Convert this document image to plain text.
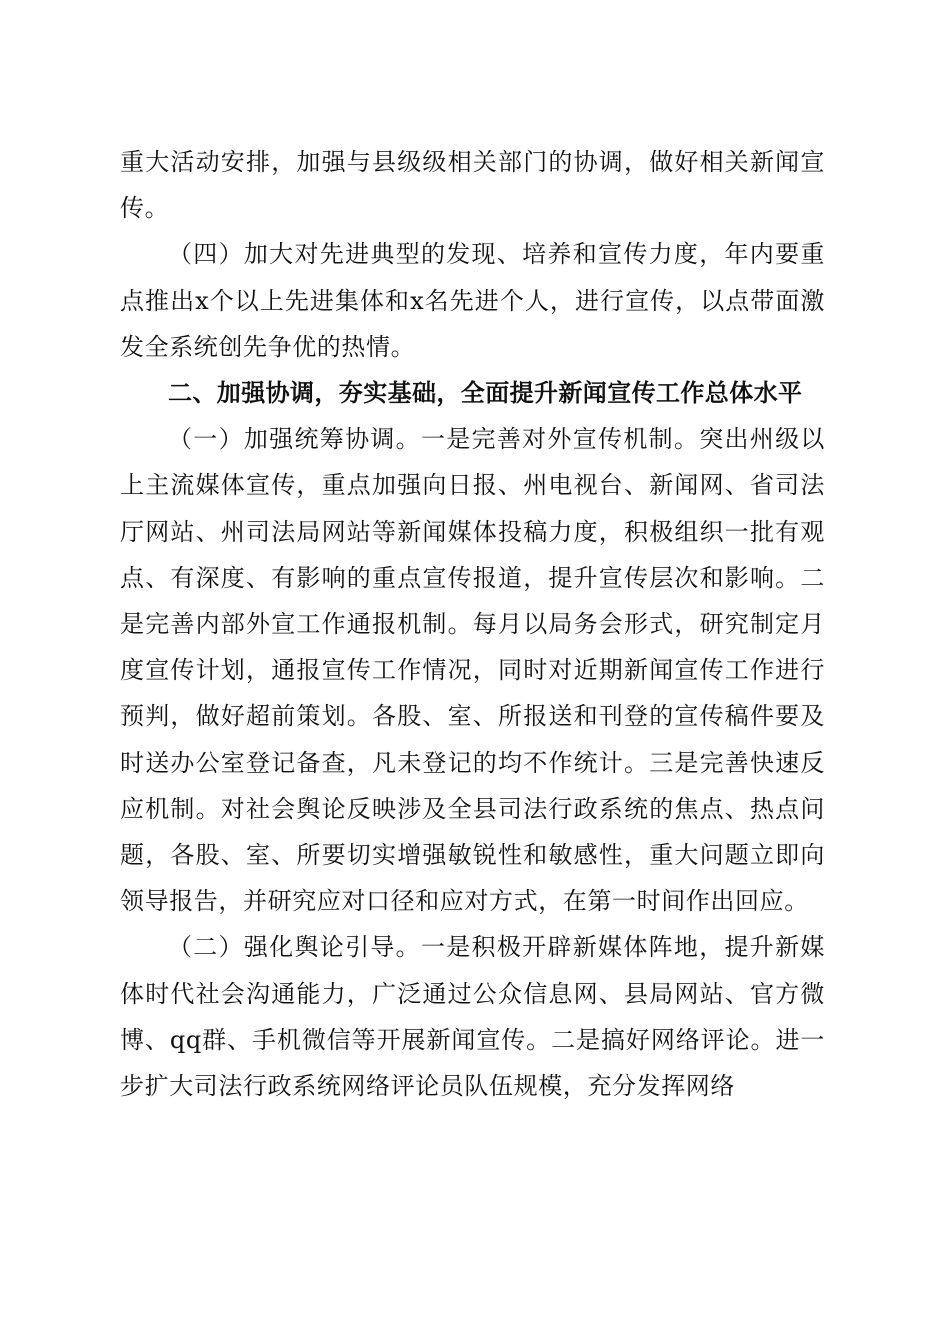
重大活动安排，加强与县级级相关部门的协调，做好相关新闻宣传。

（四）加大对先进典型的发现、培养和宣传力度，年内要重点推出x个以上先进集体和x名先进个人，进行宣传，以点带面激发全系统创先争优的热情。

二、加强协调，夯实基础，全面提升新闻宣传工作总体水平

（一）加强统筹协调。一是完善对外宣传机制。突出州级以上主流媒体宣传，重点加强向日报、州电视台、新闻网、省司法厅网站、州司法局网站等新闻媒体投稿力度，积极组织一批有观点、有深度、有影响的重点宣传报道，提升宣传层次和影响。二是完善内部外宣工作通报机制。每月以局务会形式，研究制定月度宣传计划，通报宣传工作情况，同时对近期新闻宣传工作进行预判，做好超前策划。各股、室、所报送和刊登的宣传稿件要及时送办公室登记备查，凡未登记的均不作统计。三是完善快速反应机制。对社会舆论反映涉及全县司法行政系统的焦点、热点问题，各股、室、所要切实增强敏锐性和敏感性，重大问题立即向领导报告，并研究应对口径和应对方式，在第一时间作出回应。

（二）强化舆论引导。一是积极开辟新媒体阵地，提升新媒体时代社会沟通能力，广泛通过公众信息网、县局网站、官方微博、qq群、手机微信等开展新闻宣传。二是搞好网络评论。进一步扩大司法行政系统网络评论员队伍规模，充分发挥网络
